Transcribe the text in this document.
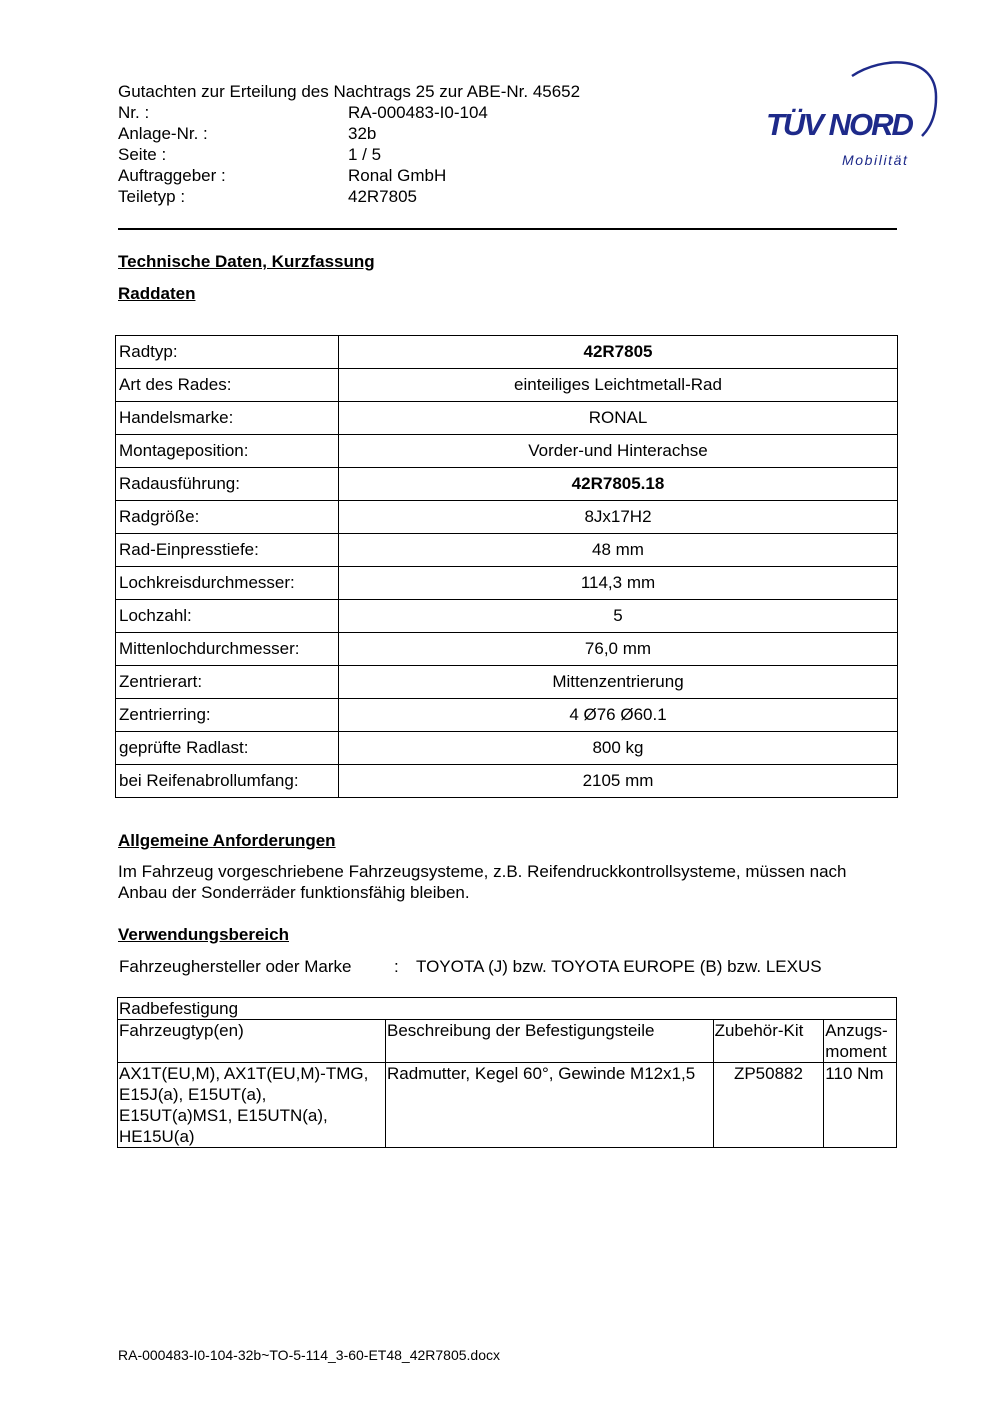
Gutachten zur Erteilung des Nachtrags 25 zur ABE-Nr. 45652
Nr. :	RA-000483-I0-104
Anlage-Nr. :	32b
Seite :	1 / 5
Auftraggeber :	Ronal GmbH
Teiletyp :	42R7805
TÜV NORD
Mobilität
Technische Daten, Kurzfassung
Raddaten
Radtyp:	42R7805
Art des Rades:	einteiliges Leichtmetall-Rad
Handelsmarke:	RONAL
Montageposition:	Vorder-und Hinterachse
Radausführung:	42R7805.18
Radgröße:	8Jx17H2
Rad-Einpresstiefe:	48 mm
Lochkreisdurchmesser:	114,3 mm
Lochzahl:	5
Mittenlochdurchmesser:	76,0 mm
Zentrierart:	Mittenzentrierung
Zentrierring:	4 Ø76 Ø60.1
geprüfte Radlast:	800 kg
bei Reifenabrollumfang:	2105 mm
Allgemeine Anforderungen
Im Fahrzeug vorgeschriebene Fahrzeugsysteme, z.B. Reifendruckkontrollsysteme, müssen nach Anbau der Sonderräder funktionsfähig bleiben.
Verwendungsbereich
Fahrzeughersteller oder Marke	:	TOYOTA (J) bzw. TOYOTA EUROPE (B) bzw. LEXUS
Radbefestigung			
Fahrzeugtyp(en)	Beschreibung der Befestigungsteile	Zubehör-Kit	Anzugs-moment
AX1T(EU,M), AX1T(EU,M)-TMG, E15J(a), E15UT(a), E15UT(a)MS1, E15UTN(a), HE15U(a)	Radmutter, Kegel 60°, Gewinde M12x1,5	ZP50882	110 Nm
RA-000483-I0-104-32b~TO-5-114_3-60-ET48_42R7805.docx
